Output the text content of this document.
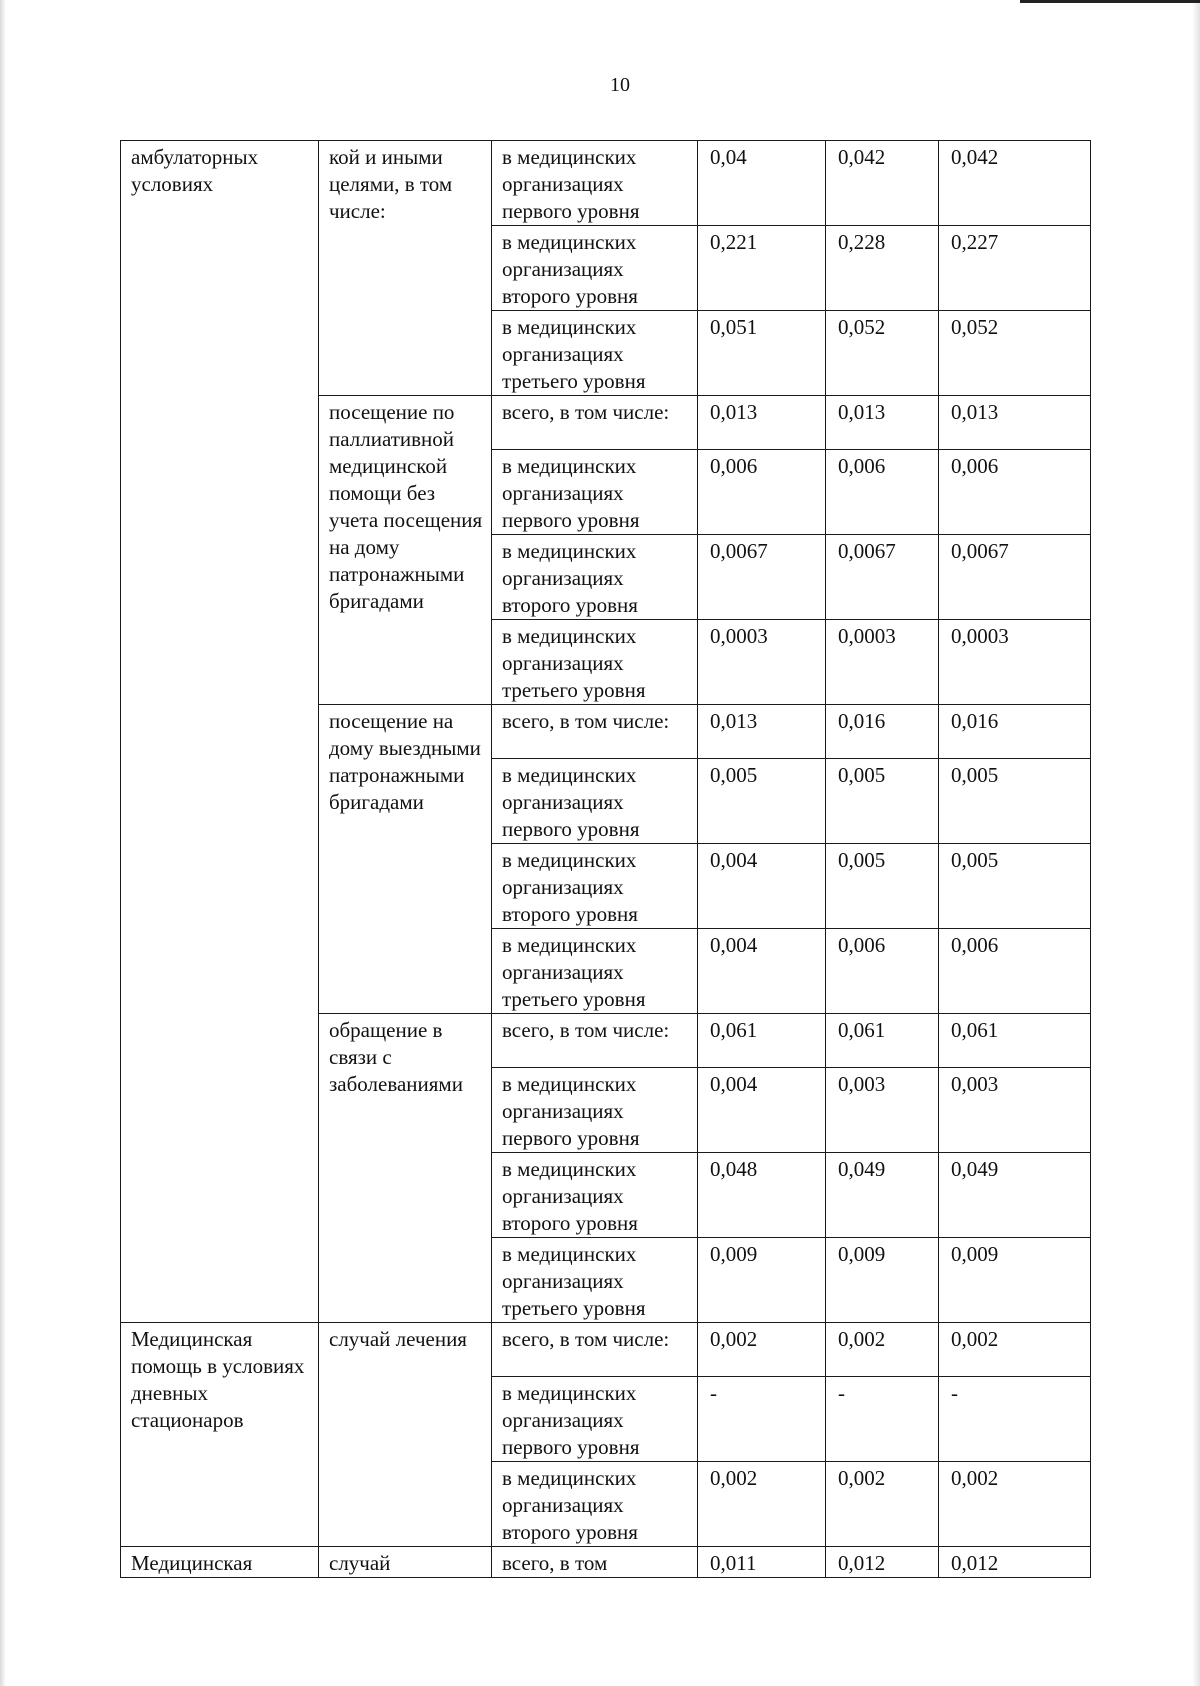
10
амбулаторных условиях	кой и иными целями, в том числе:	в медицинских организациях первого уровня	0,04	0,042	0,042
		в медицинских организациях второго уровня	0,221	0,228	0,227
		в медицинских организациях третьего уровня	0,051	0,052	0,052
	посещение по паллиативной медицинской помощи без учета посещения на дому патронажными бригадами	всего, в том числе:	0,013	0,013	0,013
		в медицинских организациях первого уровня	0,006	0,006	0,006
		в медицинских организациях второго уровня	0,0067	0,0067	0,0067
		в медицинских организациях третьего уровня	0,0003	0,0003	0,0003
	посещение на дому выездными патронажными бригадами	всего, в том числе:	0,013	0,016	0,016
		в медицинских организациях первого уровня	0,005	0,005	0,005
		в медицинских организациях второго уровня	0,004	0,005	0,005
		в медицинских организациях третьего уровня	0,004	0,006	0,006
	обращение в связи с заболеваниями	всего, в том числе:	0,061	0,061	0,061
		в медицинских организациях первого уровня	0,004	0,003	0,003
		в медицинских организациях второго уровня	0,048	0,049	0,049
		в медицинских организациях третьего уровня	0,009	0,009	0,009
Медицинская помощь в условиях дневных стационаров	случай лечения	всего, в том числе:	0,002	0,002	0,002
		в медицинских организациях первого уровня	-	-	-
		в медицинских организациях второго уровня	0,002	0,002	0,002
Медицинская	случай	всего, в том	0,011	0,012	0,012
